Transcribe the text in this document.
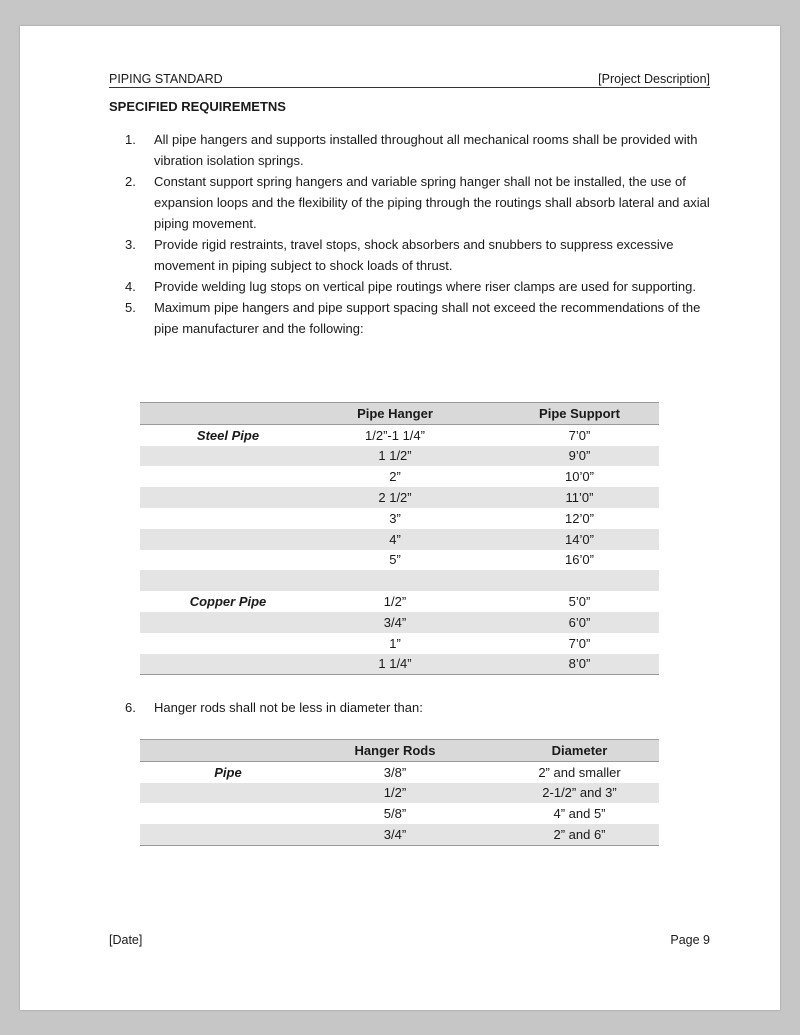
PIPING STANDARD	[Project Description]
SPECIFIED REQUIREMETNS
1. All pipe hangers and supports installed throughout all mechanical rooms shall be provided with vibration isolation springs.
2. Constant support spring hangers and variable spring hanger shall not be installed, the use of expansion loops and the flexibility of the piping through the routings shall absorb lateral and axial piping movement.
3. Provide rigid restraints, travel stops, shock absorbers and snubbers to suppress excessive movement in piping subject to shock loads of thrust.
4. Provide welding lug stops on vertical pipe routings where riser clamps are used for supporting.
5. Maximum pipe hangers and pipe support spacing shall not exceed the recommendations of the pipe manufacturer and the following:
	Pipe Hanger	Pipe Support
Steel Pipe	1/2”-1 1/4”	7’0”
	1 1/2”	9’0”
	2”	10’0”
	2 1/2”	11’0”
	3”	12’0”
	4”	14’0”
	5”	16’0”

Copper Pipe	1/2”	5’0”
	3/4”	6’0”
	1”	7’0”
	1 1/4”	8’0”
6. Hanger rods shall not be less in diameter than:
	Hanger Rods	Diameter
Pipe	3/8”	2” and smaller
	1/2”	2-1/2” and 3”
	5/8”	4” and 5”
	3/4”	2” and 6”
[Date]	Page 9
